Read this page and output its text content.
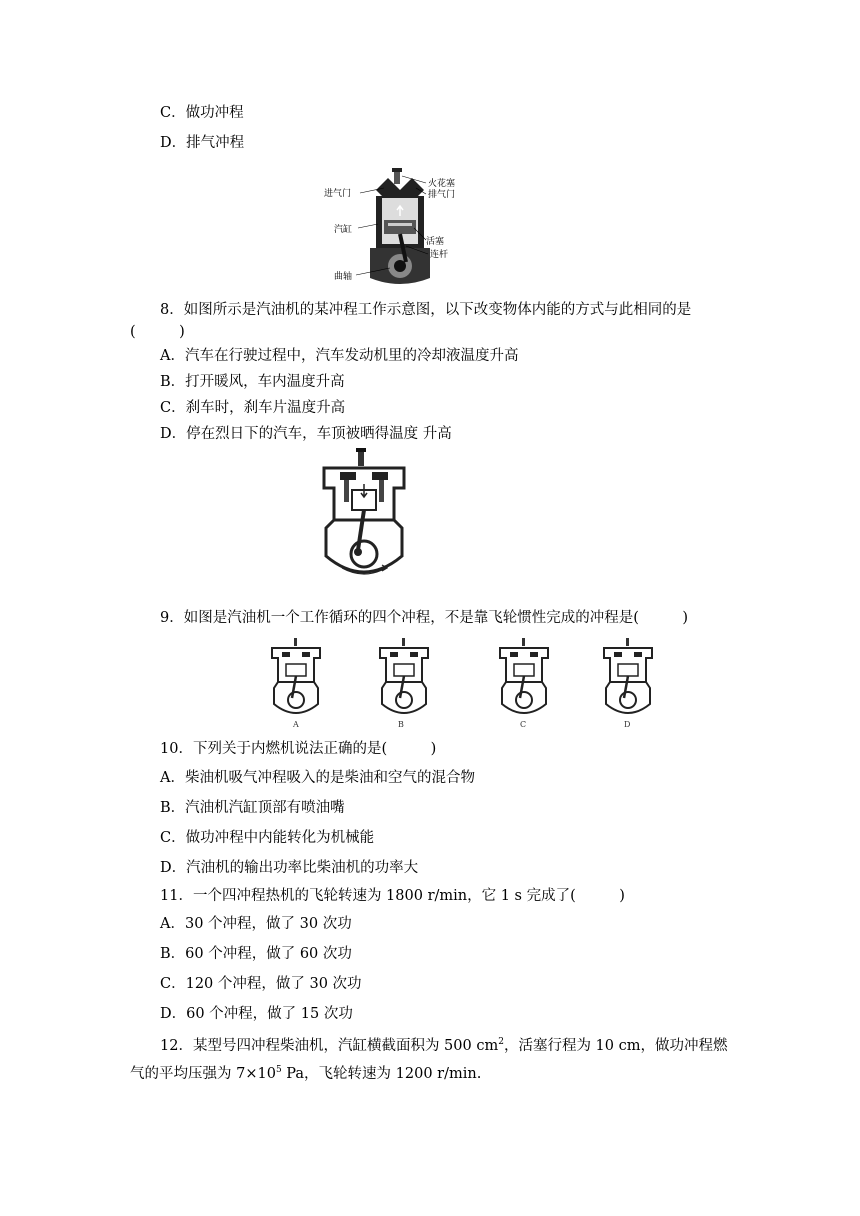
C．做功冲程
D．排气冲程
进气门
火花塞
排气门
汽缸
活塞
连杆
曲轴
8．如图所示是汽油机的某冲程工作示意图，以下改变物体内能的方式与此相同的是
(　　　)
A．汽车在行驶过程中，汽车发动机里的冷却液温度升高
B．打开暖风，车内温度升高
C．刹车时，刹车片温度升高
D．停在烈日下的汽车，车顶被晒得温度 升高
9．如图是汽油机一个工作循环的四个冲程，不是靠飞轮惯性完成的冲程是(　　　)
A	B	C	D
10．下列关于内燃机说法正确的是(　　　)
A．柴油机吸气冲程吸入的是柴油和空气的混合物
B．汽油机汽缸顶部有喷油嘴
C．做功冲程中内能转化为机械能
D．汽油机的输出功率比柴油机的功率大
11．一个四冲程热机的飞轮转速为 1800 r/min，它 1 s 完成了(　　　)
A．30 个冲程，做了 30 次功
B．60 个冲程，做了 60 次功
C．120 个冲程，做了 30 次功
D．60 个冲程，做了 15 次功
12．某型号四冲程柴油机，汽缸横截面积为 500 $cm^2$，活塞行程为 10 cm，做功冲程燃
气的平均压强为 $7\times 10^5$ Pa，飞轮转速为 1200 r/min.
